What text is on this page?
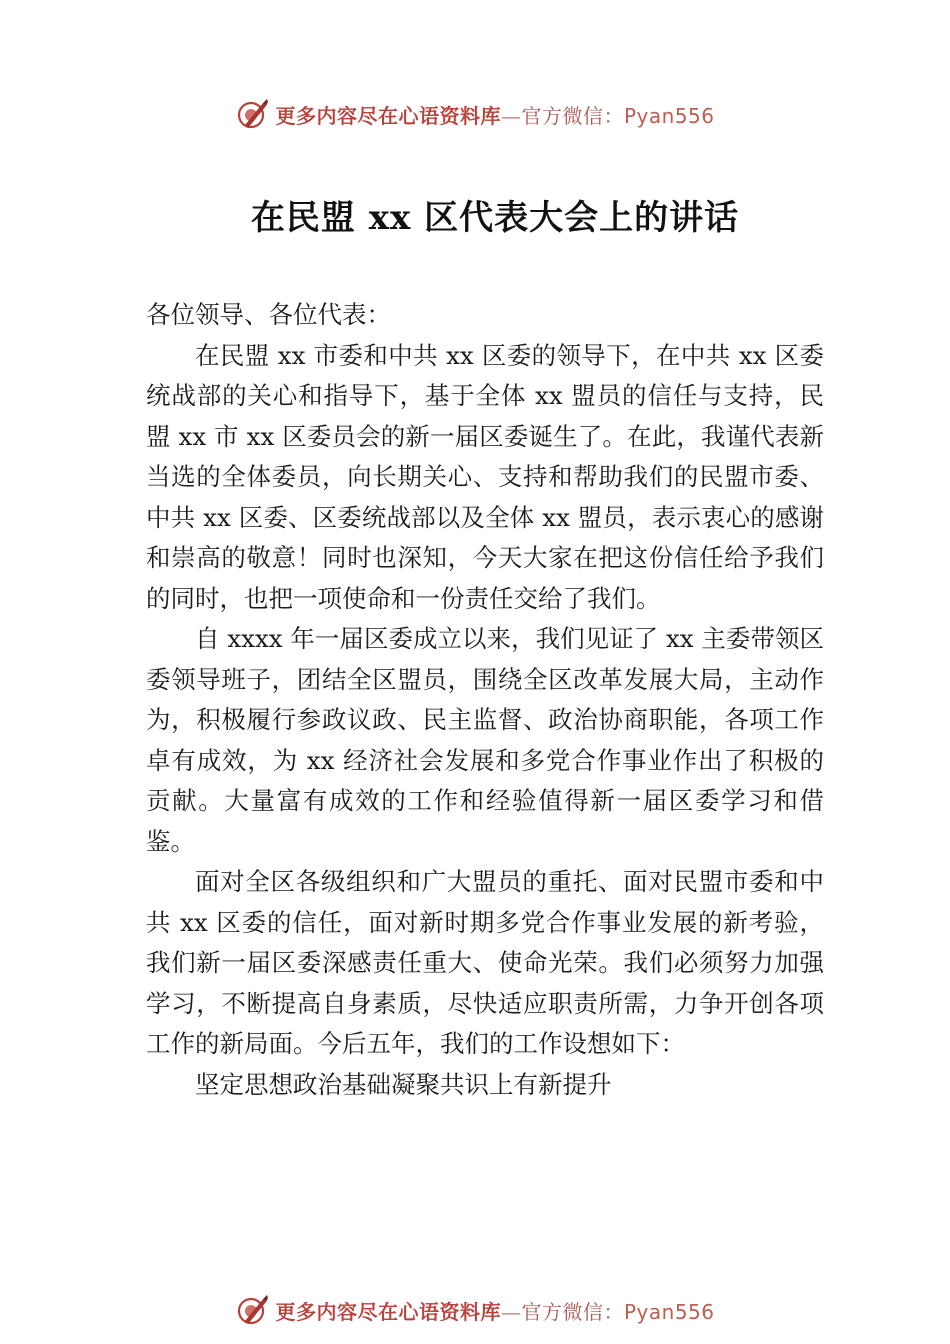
更多内容尽在心语资料库—官方微信：Pyan556
在民盟 xx 区代表大会上的讲话

各位领导、各位代表：

在民盟 xx 市委和中共 xx 区委的领导下，在中共 xx 区委统战部的关心和指导下，基于全体 xx 盟员的信任与支持，民盟 xx 市 xx 区委员会的新一届区委诞生了。在此，我谨代表新当选的全体委员，向长期关心、支持和帮助我们的民盟市委、中共 xx 区委、区委统战部以及全体 xx 盟员，表示衷心的感谢和崇高的敬意！同时也深知，今天大家在把这份信任给予我们的同时，也把一项使命和一份责任交给了我们。

自 xxxx 年一届区委成立以来，我们见证了 xx 主委带领区委领导班子，团结全区盟员，围绕全区改革发展大局，主动作为，积极履行参政议政、民主监督、政治协商职能，各项工作卓有成效，为 xx 经济社会发展和多党合作事业作出了积极的贡献。大量富有成效的工作和经验值得新一届区委学习和借鉴。

面对全区各级组织和广大盟员的重托、面对民盟市委和中共 xx 区委的信任，面对新时期多党合作事业发展的新考验，我们新一届区委深感责任重大、使命光荣。我们必须努力加强学习，不断提高自身素质，尽快适应职责所需，力争开创各项工作的新局面。今后五年，我们的工作设想如下：

坚定思想政治基础凝聚共识上有新提升

更多内容尽在心语资料库—官方微信：Pyan556
